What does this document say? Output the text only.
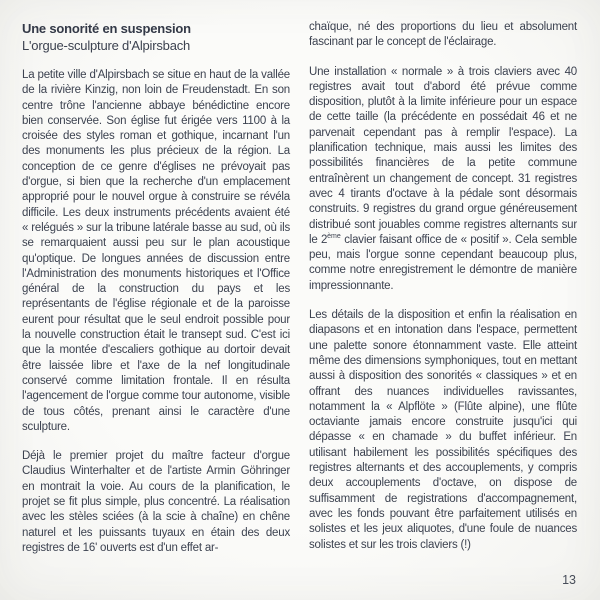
Une sonorité en suspension
L'orgue-sculpture d'Alpirsbach

La petite ville d'Alpirsbach se situe en haut de la vallée de la rivière Kinzig, non loin de Freudenstadt. En son centre trône l'ancienne abbaye bénédictine encore bien conservée. Son église fut érigée vers 1100 à la croisée des styles roman et gothique, incarnant l'un des monuments les plus précieux de la région. La conception de ce genre d'églises ne prévoyait pas d'orgue, si bien que la recherche d'un emplacement approprié pour le nouvel orgue à construire se révéla difficile. Les deux instruments précédents avaient été « relégués » sur la tribune latérale basse au sud, où ils se remarquaient aussi peu sur le plan acoustique qu'optique. De longues années de discussion entre l'Administration des monuments historiques et l'Office général de la construction du pays et les représentants de l'église régionale et de la paroisse eurent pour résultat que le seul endroit possible pour la nouvelle construction était le transept sud. C'est ici que la montée d'escaliers gothique au dortoir devait être laissée libre et l'axe de la nef longitudinale conservé comme limitation frontale. Il en résulta l'agencement de l'orgue comme tour autonome, visible de tous côtés, prenant ainsi le caractère d'une sculpture.

Déjà le premier projet du maître facteur d'orgue Claudius Winterhalter et de l'artiste Armin Göhringer en montrait la voie. Au cours de la planification, le projet se fit plus simple, plus concentré. La réalisation avec les stèles sciées (à la scie à chaîne) en chêne naturel et les puissants tuyaux en étain des deux registres de 16' ouverts est d'un effet ar-

chaïque, né des proportions du lieu et absolument fascinant par le concept de l'éclairage.

Une installation « normale » à trois claviers avec 40 registres avait tout d'abord été prévue comme disposition, plutôt à la limite inférieure pour un espace de cette taille (la précédente en possédait 46 et ne parvenait cependant pas à remplir l'espace). La planification technique, mais aussi les limites des possibilités financières de la petite commune entraînèrent un changement de concept. 31 registres avec 4 tirants d'octave à la pédale sont désormais construits. 9 registres du grand orgue généreusement distribué sont jouables comme registres alternants sur le 2ème clavier faisant office de « positif ». Cela semble peu, mais l'orgue sonne cependant beaucoup plus, comme notre enregistrement le démontre de manière impressionnante.

Les détails de la disposition et enfin la réalisation en diapasons et en intonation dans l'espace, permettent une palette sonore étonnamment vaste. Elle atteint même des dimensions symphoniques, tout en mettant aussi à disposition des sonorités « classiques » et en offrant des nuances individuelles ravissantes, notamment la « Alpflöte » (Flûte alpine), une flûte octaviante jamais encore construite jusqu'ici qui dépasse « en chamade » du buffet inférieur. En utilisant habilement les possibilités spécifiques des registres alternants et des accouplements, y compris deux accouplements d'octave, on dispose de suffisamment de registrations d'accompagnement, avec les fonds pouvant être parfaitement utilisés en solistes et les jeux aliquotes, d'une foule de nuances solistes et sur les trois claviers (!)

13
